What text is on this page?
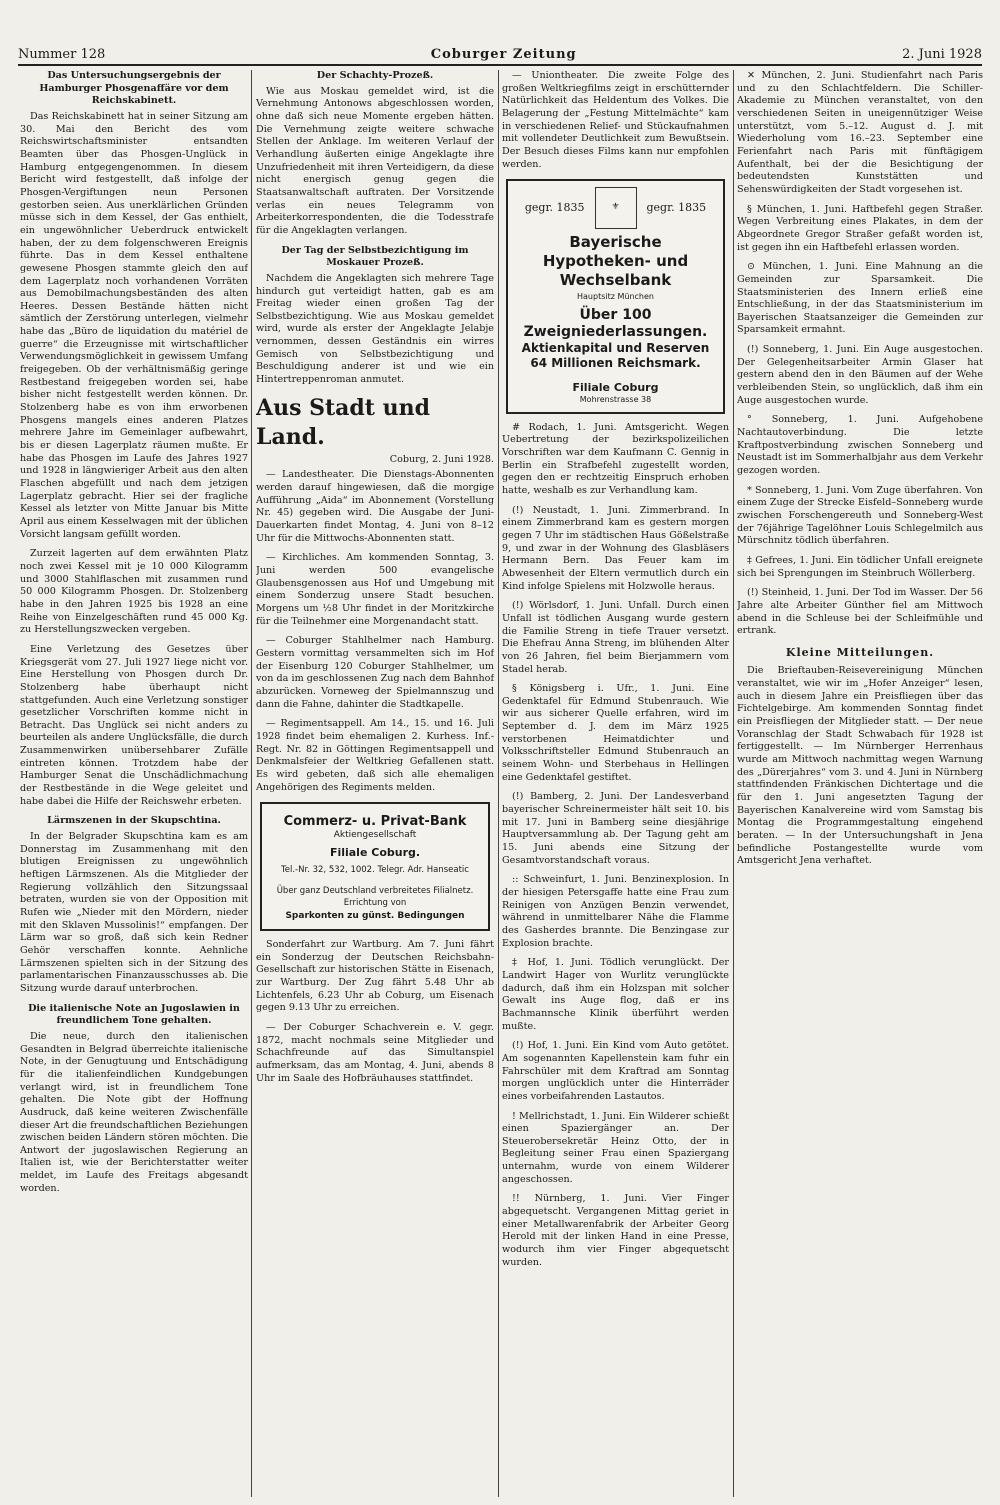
Nummer 128	Coburger Zeitung	2. Juni 1928
Das Untersuchungsergebnis der Hamburger Phosgenaffäre vor dem Reichskabinett.

Das Reichskabinett hat in seiner Sitzung am 30. Mai den Bericht des vom Reichswirtschaftsminister entsandten Beamten über das Phosgen-Unglück in Hamburg entgegengenommen. In diesem Bericht wird festgestellt, daß infolge der Phosgen-Vergiftungen neun Personen gestorben seien. Aus unerklärlichen Gründen müsse sich in dem Kessel, der Gas enthielt, ein ungewöhnlicher Ueberdruck entwickelt haben, der zu dem folgenschweren Ereignis führte. Das in dem Kessel enthaltene gewesene Phosgen stammte gleich den auf dem Lagerplatz noch vorhandenen Vorräten aus Demobilmachungsbeständen des alten Heeres. Dessen Bestände hätten nicht sämtlich der Zerstörung unterlegen, vielmehr habe das „Büro de liquidation du matériel de guerre“ die Erzeugnisse mit wirtschaftlicher Verwendungsmöglichkeit in gewissem Umfang freigegeben. Ob der verhältnismäßig geringe Restbestand freigegeben worden sei, habe bisher nicht festgestellt werden können. Dr. Stolzenberg habe es von ihm erworbenen Phosgens mangels eines anderen Platzes mehrere Jahre im Gemeinlager aufbewahrt, bis er diesen Lagerplatz räumen mußte. Er habe das Phosgen im Laufe des Jahres 1927 und 1928 in längwieriger Arbeit aus den alten Flaschen abgefüllt und nach dem jetzigen Lagerplatz gebracht. Hier sei der fragliche Kessel als letzter von Mitte Januar bis Mitte April aus einem Kesselwagen mit der üblichen Vorsicht langsam gefüllt worden.

Zurzeit lagerten auf dem erwähnten Platz noch zwei Kessel mit je 10 000 Kilogramm und 3000 Stahlflaschen mit zusammen rund 50 000 Kilogramm Phosgen. Dr. Stolzenberg habe in den Jahren 1925 bis 1928 an eine Reihe von Einzelgeschäften rund 45 000 Kg. zu Herstellungszwecken vergeben.

Eine Verletzung des Gesetzes über Kriegsgerät vom 27. Juli 1927 liege nicht vor. Eine Herstellung von Phosgen durch Dr. Stolzenberg habe überhaupt nicht stattgefunden. Auch eine Verletzung sonstiger gesetzlicher Vorschriften komme nicht in Betracht. Das Unglück sei nicht anders zu beurteilen als andere Unglücksfälle, die durch Zusammenwirken unübersehbarer Zufälle eintreten können. Trotzdem habe der Hamburger Senat die Unschädlichmachung der Restbestände in die Wege geleitet und habe dabei die Hilfe der Reichswehr erbeten.

Lärmszenen in der Skupschtina.

In der Belgrader Skupschtina kam es am Donnerstag im Zusammenhang mit den blutigen Ereignissen zu ungewöhnlich heftigen Lärmszenen. Als die Mitglieder der Regierung vollzählich den Sitzungssaal betraten, wurden sie von der Opposition mit Rufen wie „Nieder mit den Mördern, nieder mit den Sklaven Mussolinis!“ empfangen. Der Lärm war so groß, daß sich kein Redner Gehör verschaffen konnte. Aehnliche Lärmszenen spielten sich in der Sitzung des parlamentarischen Finanzausschusses ab. Die Sitzung wurde darauf unterbrochen.

Die italienische Note an Jugoslawien in freundlichem Tone gehalten.

Die neue, durch den italienischen Gesandten in Belgrad überreichte italienische Note, in der Genugtuung und Entschädigung für die italienfeindlichen Kundgebungen verlangt wird, ist in freundlichem Tone gehalten. Die Note gibt der Hoffnung Ausdruck, daß keine weiteren Zwischenfälle dieser Art die freundschaftlichen Beziehungen zwischen beiden Ländern stören möchten. Die Antwort der jugoslawischen Regierung an Italien ist, wie der Berichterstatter weiter meldet, im Laufe des Freitags abgesandt worden.

Der Schachty-Prozeß.

Wie aus Moskau gemeldet wird, ist die Vernehmung Antonows abgeschlossen worden, ohne daß sich neue Momente ergeben hätten. Die Vernehmung zeigte weitere schwache Stellen der Anklage. Im weiteren Verlauf der Verhandlung äußerten einige Angeklagte ihre Unzufriedenheit mit ihren Verteidigern, da diese nicht energisch genug gegen die Staatsanwaltschaft auftraten. Der Vorsitzende verlas ein neues Telegramm von Arbeiterkorrespondenten, die die Todesstrafe für die Angeklagten verlangen.

Der Tag der Selbstbezichtigung im Moskauer Prozeß.

Nachdem die Angeklagten sich mehrere Tage hindurch gut verteidigt hatten, gab es am Freitag wieder einen großen Tag der Selbstbezichtigung. Wie aus Moskau gemeldet wird, wurde als erster der Angeklagte Jelabje vernommen, dessen Geständnis ein wirres Gemisch von Selbstbezichtigung und Beschuldigung anderer ist und wie ein Hintertreppenroman anmutet.

Aus Stadt und Land.
Coburg, 2. Juni 1928.

— Landestheater. Die Dienstags-Abonnenten werden darauf hingewiesen, daß die morgige Aufführung „Aida“ im Abonnement (Vorstellung Nr. 45) gegeben wird. Die Ausgabe der Juni-Dauerkarten findet Montag, 4. Juni von 8–12 Uhr für die Mittwochs-Abonnenten statt.

— Kirchliches. Am kommenden Sonntag, 3. Juni werden 500 evangelische Glaubensgenossen aus Hof und Umgebung mit einem Sonderzug unsere Stadt besuchen. Morgens um ½8 Uhr findet in der Moritzkirche für die Teilnehmer eine Morgenandacht statt.

— Coburger Stahlhelmer nach Hamburg. Gestern vormittag versammelten sich im Hof der Eisenburg 120 Coburger Stahlhelmer, um von da im geschlossenen Zug nach dem Bahnhof abzurücken. Vorneweg der Spielmannszug und dann die Fahne, dahinter die Stadtkapelle.

— Regimentsappell. Am 14., 15. und 16. Juli 1928 findet beim ehemaligen 2. Kurhess. Inf.-Regt. Nr. 82 in Göttingen Regimentsappell und Denkmalsfeier der Weltkrieg Gefallenen statt. Es wird gebeten, daß sich alle ehemaligen Angehörigen des Regiments melden.

Commerz- u. Privat-Bank
Aktiengesellschaft
Filiale Coburg.
Tel.-Nr. 32, 532, 1002. Telegr. Adr. Hanseatic
Über ganz Deutschland verbreitetes Filialnetz.
Errichtung von
Sparkonten zu günst. Bedingungen

Sonderfahrt zur Wartburg. Am 7. Juni fährt ein Sonderzug der Deutschen Reichsbahn-Gesellschaft zur historischen Stätte in Eisenach, zur Wartburg. Der Zug fährt 5.48 Uhr ab Lichtenfels, 6.23 Uhr ab Coburg, um Eisenach gegen 9.13 Uhr zu erreichen.

— Der Coburger Schachverein e. V. gegr. 1872, macht nochmals seine Mitglieder und Schachfreunde auf das Simultanspiel aufmerksam, das am Montag, 4. Juni, abends 8 Uhr im Saale des Hofbräuhauses stattfindet.

— Uniontheater. Die zweite Folge des großen Weltkriegfilms zeigt in erschütternder Natürlichkeit das Heldentum des Volkes. Die Belagerung der „Festung Mittelmächte“ kam in verschiedenen Relief- und Stückaufnahmen mit vollendeter Deutlichkeit zum Bewußtsein. Der Besuch dieses Films kann nur empfohlen werden.

gegr. 1835	⚜	gegr. 1835
Bayerische Hypotheken- und Wechselbank
Hauptsitz München
Über 100 Zweigniederlassungen.
Aktienkapital und Reserven
64 Millionen Reichsmark.
Filiale Coburg
Mohrenstrasse 38

# Rodach, 1. Juni. Amtsgericht. Wegen Uebertretung der bezirkspolizeilichen Vorschriften war dem Kaufmann C. Gennig in Berlin ein Strafbefehl zugestellt worden, gegen den er rechtzeitig Einspruch erhoben hatte, weshalb es zur Verhandlung kam.

(!) Neustadt, 1. Juni. Zimmerbrand. In einem Zimmerbrand kam es gestern morgen gegen 7 Uhr im städtischen Haus Gößelstraße 9, und zwar in der Wohnung des Glasbläsers Hermann Bern. Das Feuer kam im Abwesenheit der Eltern vermutlich durch ein Kind infolge Spielens mit Holzwolle heraus.

(!) Wörlsdorf, 1. Juni. Unfall. Durch einen Unfall ist tödlichen Ausgang wurde gestern die Familie Streng in tiefe Trauer versetzt. Die Ehefrau Anna Streng, im blühenden Alter von 26 Jahren, fiel beim Bierjammern vom Stadel herab.

§ Königsberg i. Ufr., 1. Juni. Eine Gedenktafel für Edmund Stubenrauch. Wie wir aus sicherer Quelle erfahren, wird im September d. J. dem im März 1925 verstorbenen Heimatdichter und Volksschriftsteller Edmund Stubenrauch an seinem Wohn- und Sterbehaus in Hellingen eine Gedenktafel gestiftet.

(!) Bamberg, 2. Juni. Der Landesverband bayerischer Schreinermeister hält seit 10. bis mit 17. Juni in Bamberg seine diesjährige Hauptversammlung ab. Der Tagung geht am 15. Juni abends eine Sitzung der Gesamtvorstandschaft voraus.

:: Schweinfurt, 1. Juni. Benzinexplosion. In der hiesigen Petersgaffe hatte eine Frau zum Reinigen von Anzügen Benzin verwendet, während in unmittelbarer Nähe die Flamme des Gasherdes brannte. Die Benzingase zur Explosion brachte.

‡ Hof, 1. Juni. Tödlich verunglückt. Der Landwirt Hager von Wurlitz verunglückte dadurch, daß ihm ein Holzspan mit solcher Gewalt ins Auge flog, daß er ins Bachmannsche Klinik überführt werden mußte.

(!) Hof, 1. Juni. Ein Kind vom Auto getötet. Am sogenannten Kapellenstein kam fuhr ein Fahrschüler mit dem Kraftrad am Sonntag morgen unglücklich unter die Hinterräder eines vorbeifahrenden Lastautos.

! Mellrichstadt, 1. Juni. Ein Wilderer schießt einen Spaziergänger an. Der Steuerobersekretär Heinz Otto, der in Begleitung seiner Frau einen Spaziergang unternahm, wurde von einem Wilderer angeschossen.

!! Nürnberg, 1. Juni. Vier Finger abgequetscht. Vergangenen Mittag geriet in einer Metallwarenfabrik der Arbeiter Georg Herold mit der linken Hand in eine Presse, wodurch ihm vier Finger abgequetscht wurden.

✕ München, 2. Juni. Studienfahrt nach Paris und zu den Schlachtfeldern. Die Schiller-Akademie zu München veranstaltet, von den verschiedenen Seiten in uneigennütziger Weise unterstützt, vom 5.–12. August d. J. mit Wiederholung vom 16.–23. September eine Ferienfahrt nach Paris mit fünftägigem Aufenthalt, bei der die Besichtigung der bedeutendsten Kunststätten und Sehenswürdigkeiten der Stadt vorgesehen ist.

§ München, 1. Juni. Haftbefehl gegen Straßer. Wegen Verbreitung eines Plakates, in dem der Abgeordnete Gregor Straßer gefaßt worden ist, ist gegen ihn ein Haftbefehl erlassen worden.

⊙ München, 1. Juni. Eine Mahnung an die Gemeinden zur Sparsamkeit. Die Staatsministerien des Innern erließ eine Entschließung, in der das Staatsministerium im Bayerischen Staatsanzeiger die Gemeinden zur Sparsamkeit ermahnt.

(!) Sonneberg, 1. Juni. Ein Auge ausgestochen. Der Gelegenheitsarbeiter Armin Glaser hat gestern abend den in den Bäumen auf der Wehe verbleibenden Stein, so unglücklich, daß ihm ein Auge ausgestochen wurde.

° Sonneberg, 1. Juni. Aufgehobene Nachtautoverbindung. Die letzte Kraftpostverbindung zwischen Sonneberg und Neustadt ist im Sommerhalbjahr aus dem Verkehr gezogen worden.

* Sonneberg, 1. Juni. Vom Zuge überfahren. Von einem Zuge der Strecke Eisfeld–Sonneberg wurde zwischen Forschengereuth und Sonneberg-West der 76jährige Tagelöhner Louis Schlegelmilch aus Mürschnitz tödlich überfahren.

‡ Gefrees, 1. Juni. Ein tödlicher Unfall ereignete sich bei Sprengungen im Steinbruch Wöllerberg.

(!) Steinheid, 1. Juni. Der Tod im Wasser. Der 56 Jahre alte Arbeiter Günther fiel am Mittwoch abend in die Schleuse bei der Schleifmühle und ertrank.

Kleine Mitteilungen.

Die Brieftauben-Reisevereinigung München veranstaltet, wie wir im „Hofer Anzeiger“ lesen, auch in diesem Jahre ein Preisfliegen über das Fichtelgebirge. Am kommenden Sonntag findet ein Preisfliegen der Mitglieder statt. — Der neue Voranschlag der Stadt Schwabach für 1928 ist fertiggestellt. — Im Nürnberger Herrenhaus wurde am Mittwoch nachmittag wegen Warnung des „Dürerjahres“ vom 3. und 4. Juni in Nürnberg stattfindenden Fränkischen Dichtertage und die für den 1. Juni angesetzten Tagung der Bayerischen Kanalvereine wird vom Samstag bis Montag die Programmgestaltung eingehend beraten. — In der Untersuchungshaft in Jena befindliche Postangestellte wurde vom Amtsgericht Jena verhaftet.
